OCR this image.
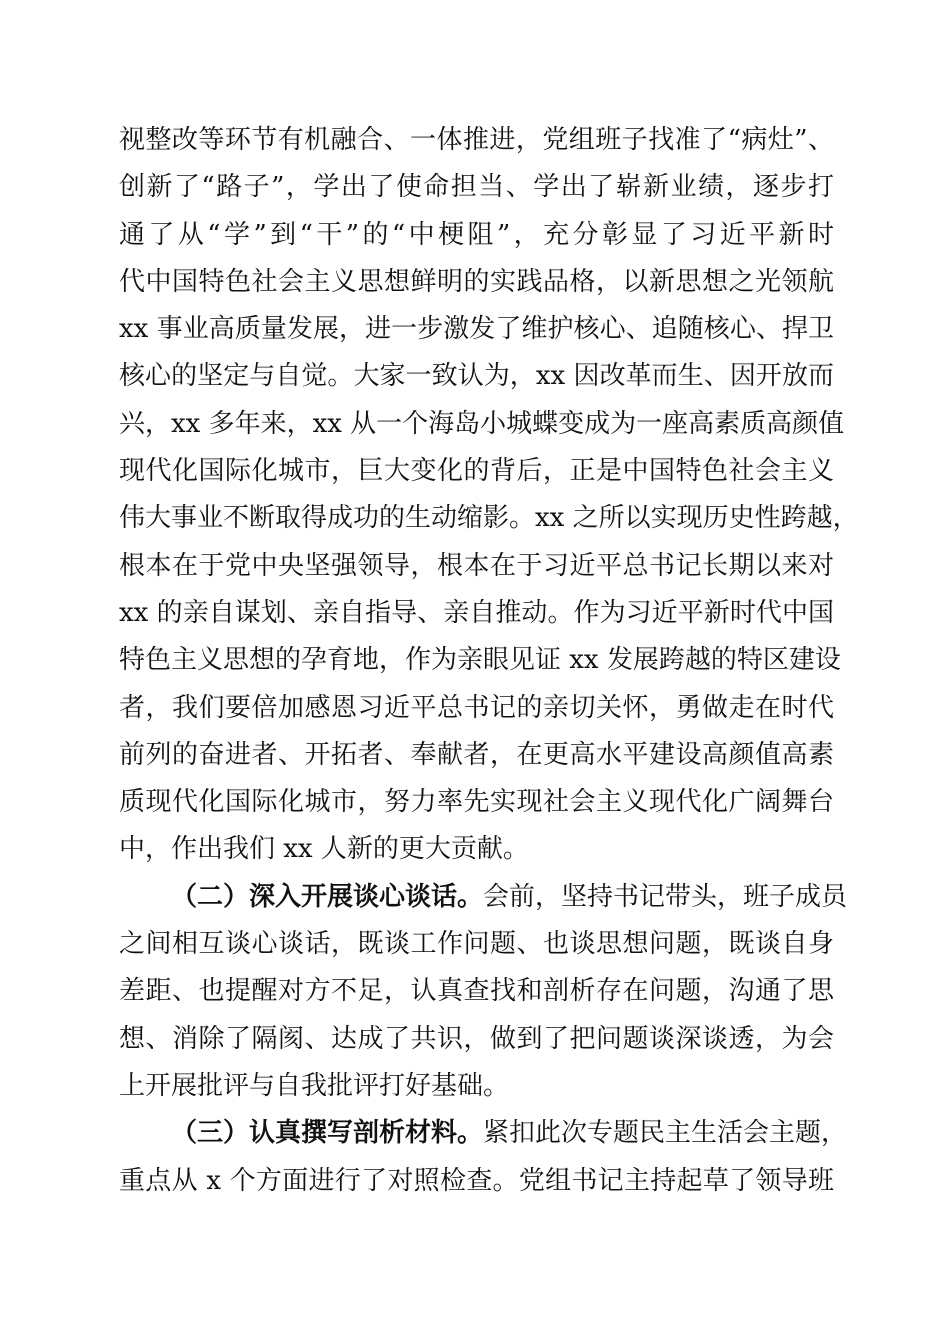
视整改等环节有机融合、一体推进，党组班子找准了“病灶”、
创新了“路子”，学出了使命担当、学出了崭新业绩，逐步打
通了从“学”到“干”的“中梗阻”，充分彰显了习近平新时
代中国特色社会主义思想鲜明的实践品格，以新思想之光领航
xx 事业高质量发展，进一步激发了维护核心、追随核心、捍卫
核心的坚定与自觉。大家一致认为，xx 因改革而生、因开放而
兴，xx 多年来，xx 从一个海岛小城蝶变成为一座高素质高颜值
现代化国际化城市，巨大变化的背后，正是中国特色社会主义
伟大事业不断取得成功的生动缩影。xx 之所以实现历史性跨越，
根本在于党中央坚强领导，根本在于习近平总书记长期以来对
xx 的亲自谋划、亲自指导、亲自推动。作为习近平新时代中国
特色主义思想的孕育地，作为亲眼见证 xx 发展跨越的特区建设
者，我们要倍加感恩习近平总书记的亲切关怀，勇做走在时代
前列的奋进者、开拓者、奉献者，在更高水平建设高颜值高素
质现代化国际化城市，努力率先实现社会主义现代化广阔舞台
中，作出我们 xx 人新的更大贡献。
（二）深入开展谈心谈话。会前，坚持书记带头，班子成员
之间相互谈心谈话，既谈工作问题、也谈思想问题，既谈自身
差距、也提醒对方不足，认真查找和剖析存在问题，沟通了思
想、消除了隔阂、达成了共识，做到了把问题谈深谈透，为会
上开展批评与自我批评打好基础。
（三）认真撰写剖析材料。紧扣此次专题民主生活会主题，
重点从 x 个方面进行了对照检查。党组书记主持起草了领导班
